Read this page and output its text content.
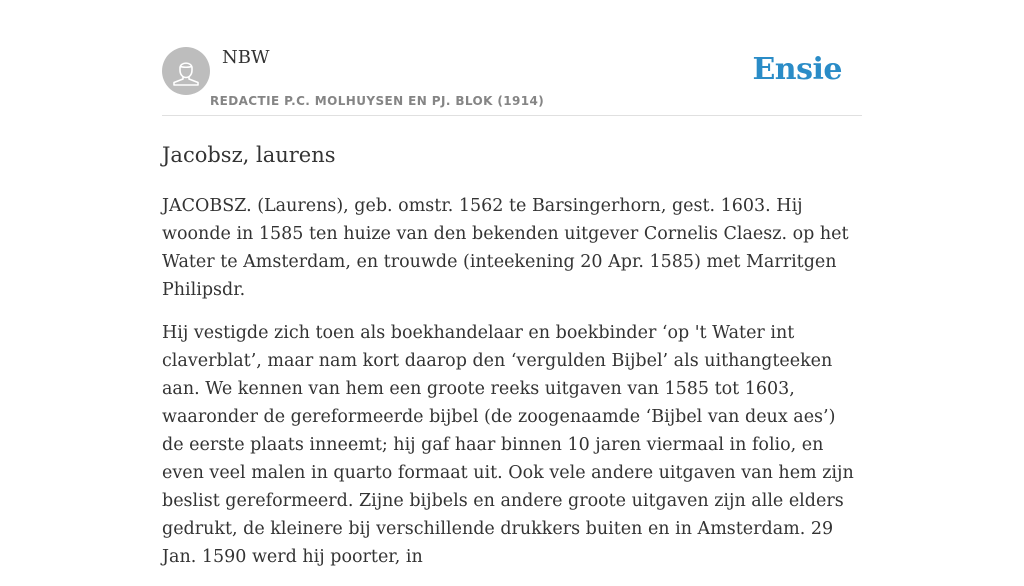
NBW
REDACTIE P.C. MOLHUYSEN EN PJ. BLOK (1914)
Ensie
Jacobsz, laurens

JACOBSZ. (Laurens), geb. omstr. 1562 te Barsingerhorn, gest. 1603. Hij woonde in 1585 ten huize van den bekenden uitgever Cornelis Claesz. op het Water te Amsterdam, en trouwde (inteekening 20 Apr. 1585) met Marritgen Philipsdr.

Hij vestigde zich toen als boekhandelaar en boekbinder ‘op 't Water int claverblat’, maar nam kort daarop den ‘vergulden Bijbel’ als uithangteeken aan. We kennen van hem een groote reeks uitgaven van 1585 tot 1603, waaronder de gereformeerde bijbel (de zoogenaamde ‘Bijbel van deux aes’) de eerste plaats inneemt; hij gaf haar binnen 10 jaren viermaal in folio, en even veel malen in quarto formaat uit. Ook vele andere uitgaven van hem zijn beslist gereformeerd. Zijne bijbels en andere groote uitgaven zijn alle elders gedrukt, de kleinere bij verschillende drukkers buiten en in Amsterdam. 29 Jan. 1590 werd hij poorter, in
